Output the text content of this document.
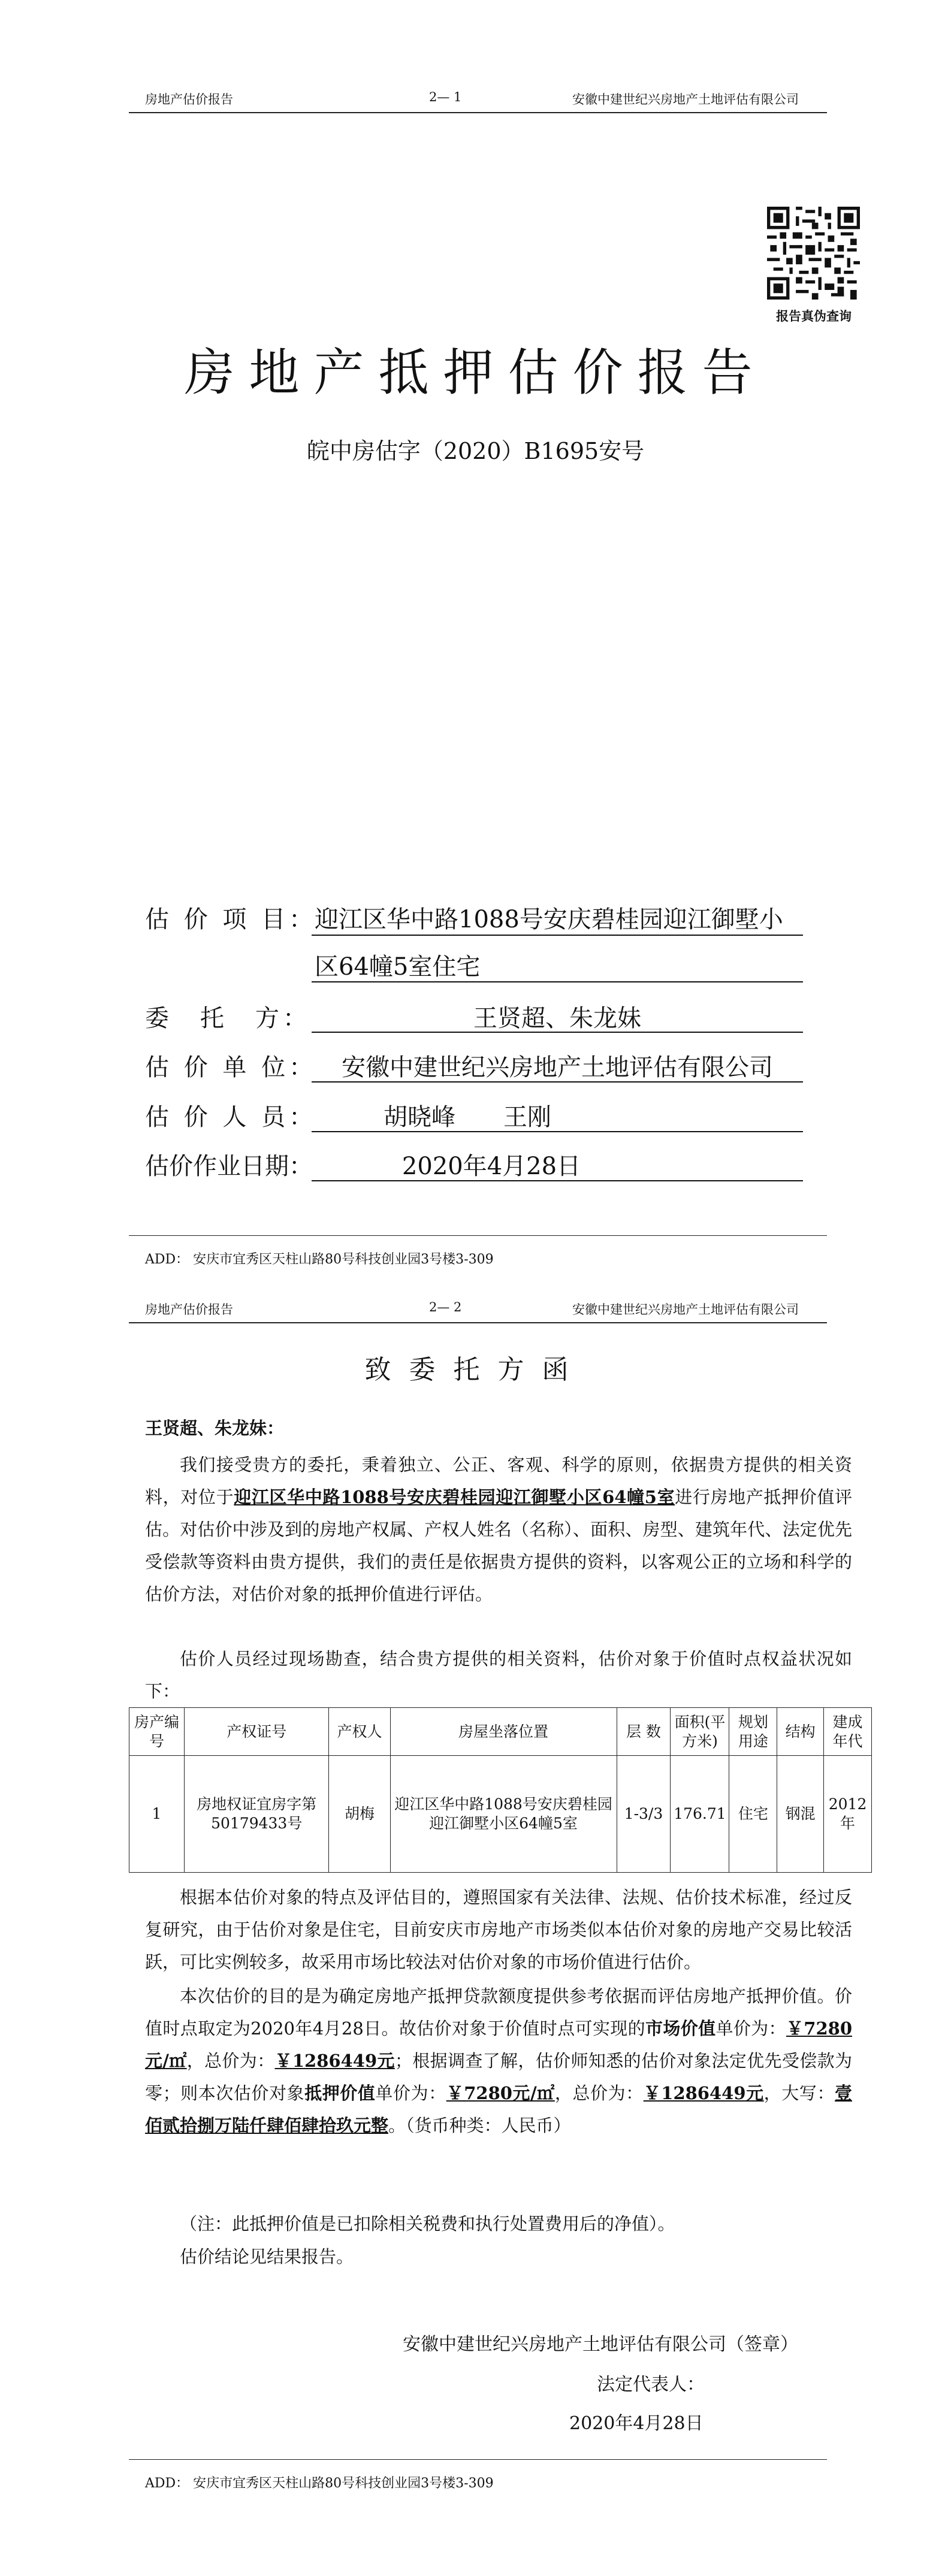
房地产估价报告	2— 1	安徽中建世纪兴房地产土地评估有限公司
报告真伪查询
房地产抵押估价报告
皖中房估字（2020）B1695安号
估 价 项 目：
迎江区华中路1088号安庆碧桂园迎江御墅小
区64幢5室住宅
委　托　方：	王贤超、朱龙妹
估 价 单 位：	安徽中建世纪兴房地产土地评估有限公司
估 价 人 员：	胡晓峰　　王刚
估价作业日期：	2020年4月28日
ADD： 安庆市宜秀区天柱山路80号科技创业园3号楼3-309
房地产估价报告	2— 2	安徽中建世纪兴房地产土地评估有限公司
致委托方函
王贤超、朱龙妹：
我们接受贵方的委托，秉着独立、公正、客观、科学的原则，依据贵方提供的相关资料，对位于迎江区华中路1088号安庆碧桂园迎江御墅小区64幢5室进行房地产抵押价值评估。对估价中涉及到的房地产权属、产权人姓名（名称）、面积、房型、建筑年代、法定优先受偿款等资料由贵方提供，我们的责任是依据贵方提供的资料，以客观公正的立场和科学的估价方法，对估价对象的抵押价值进行评估。
估价人员经过现场勘查，结合贵方提供的相关资料，估价对象于价值时点权益状况如下：
房产编号	产权证号	产权人	房屋坐落位置	层 数	面积(平方米)	规划用途	结构	建成年代
1	房地权证宜房字第50179433号	胡梅	迎江区华中路1088号安庆碧桂园迎江御墅小区64幢5室	1-3/3	176.71	住宅	钢混	2012年
根据本估价对象的特点及评估目的，遵照国家有关法律、法规、估价技术标准，经过反复研究，由于估价对象是住宅，目前安庆市房地产市场类似本估价对象的房地产交易比较活跃，可比实例较多，故采用市场比较法对估价对象的市场价值进行估价。
本次估价的目的是为确定房地产抵押贷款额度提供参考依据而评估房地产抵押价值。价值时点取定为2020年4月28日。故估价对象于价值时点可实现的市场价值单价为：￥7280元/㎡，总价为：￥1286449元；根据调查了解，估价师知悉的估价对象法定优先受偿款为零；则本次估价对象抵押价值单价为：￥7280元/㎡，总价为：￥1286449元，大写：壹佰贰拾捌万陆仟肆佰肆拾玖元整。（货币种类：人民币）
（注：此抵押价值是已扣除相关税费和执行处置费用后的净值）。
估价结论见结果报告。
安徽中建世纪兴房地产土地评估有限公司（签章）
法定代表人：
2020年4月28日
ADD： 安庆市宜秀区天柱山路80号科技创业园3号楼3-309
